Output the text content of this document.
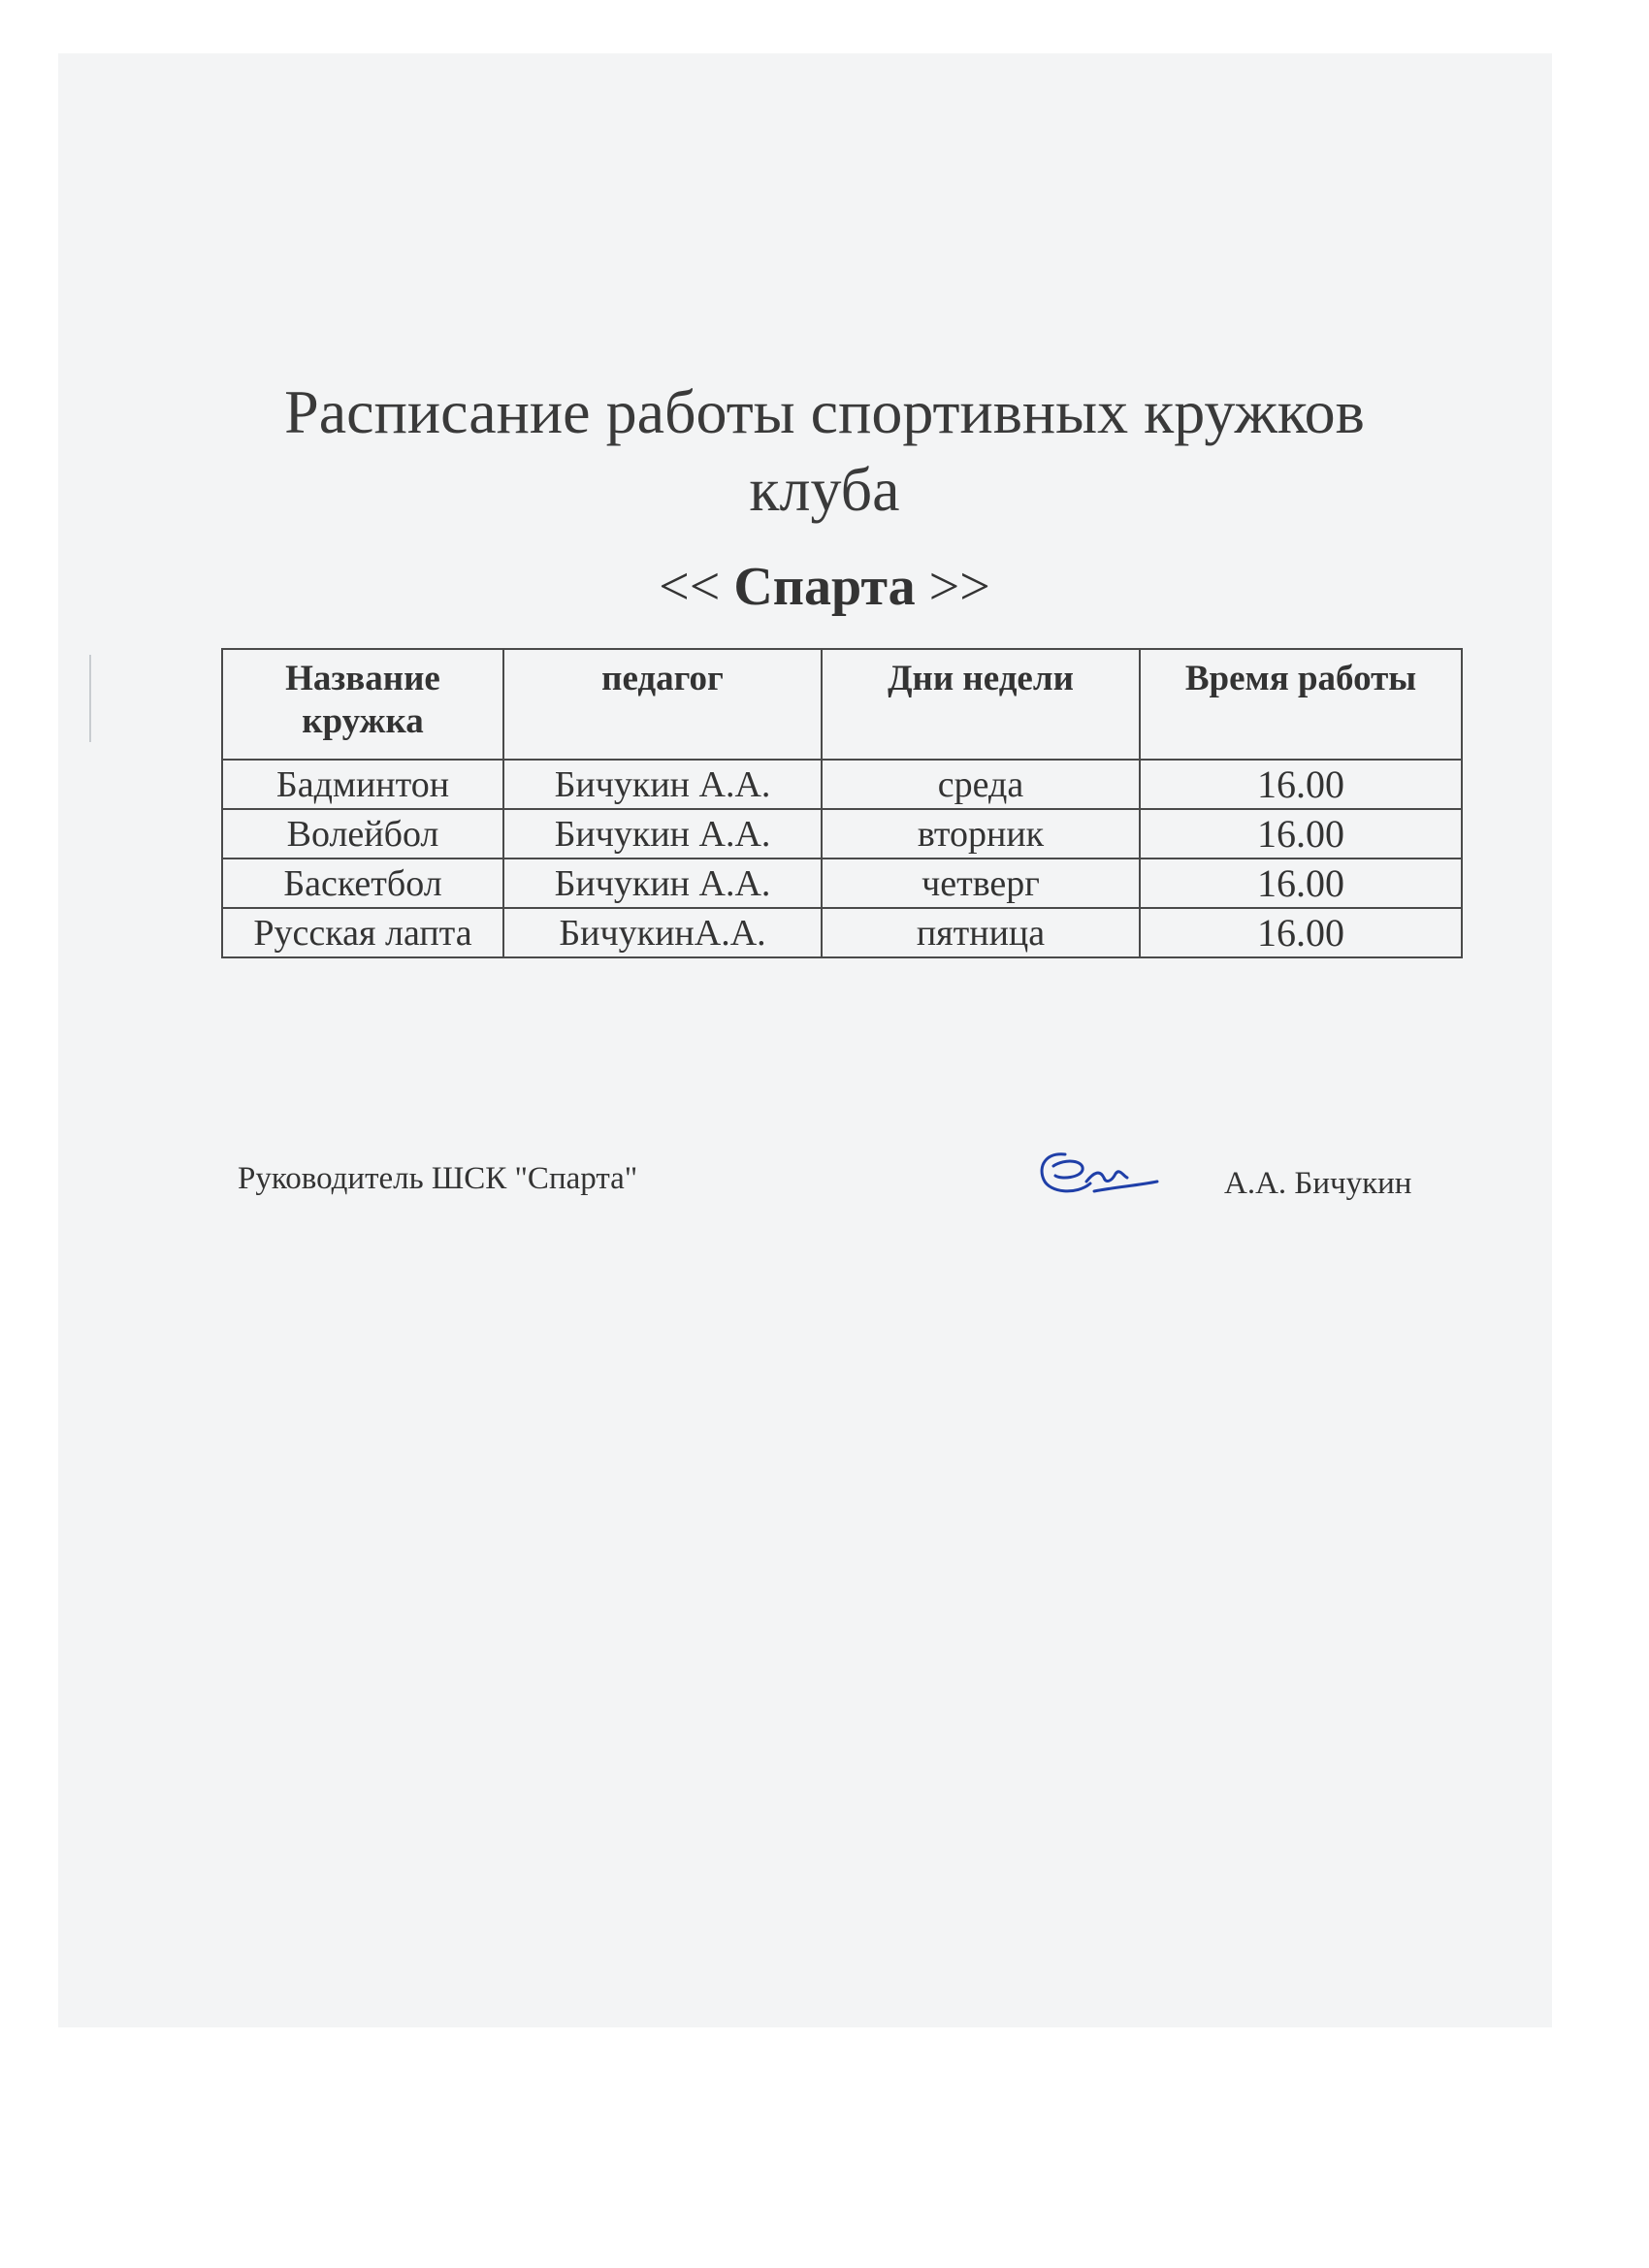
Расписание работы спортивных кружков
клуба
<< Спарта >>
Название кружка	педагог	Дни недели	Время работы
Бадминтон	Бичукин А.А.	среда	16.00
Волейбол	Бичукин А.А.	вторник	16.00
Баскетбол	Бичукин А.А.	четверг	16.00
Русская лапта	БичукинА.А.	пятница	16.00
Руководитель ШСК "Спарта"	А.А. Бичукин
